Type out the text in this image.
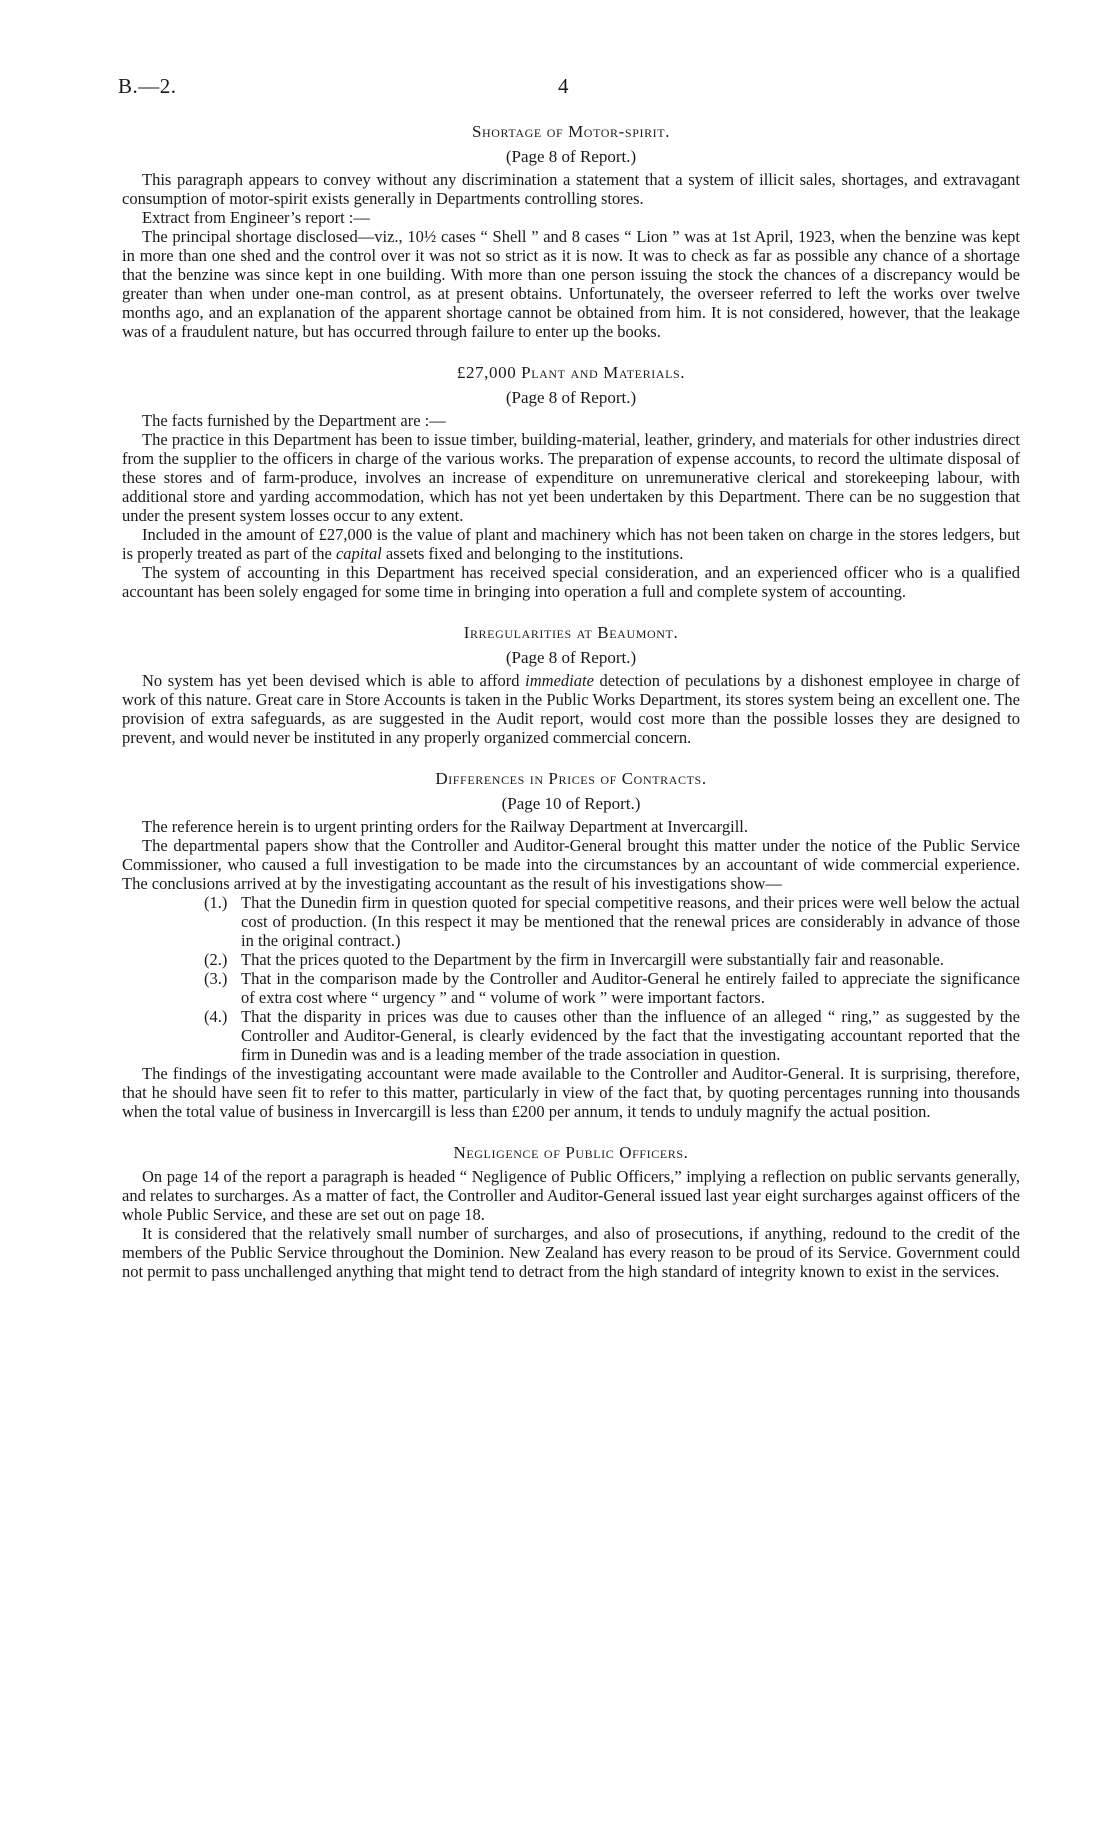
B.—2.	4
Shortage of Motor-spirit.
(Page 8 of Report.)

This paragraph appears to convey without any discrimination a statement that a system of illicit sales, shortages, and extravagant consumption of motor-spirit exists generally in Departments controlling stores.

Extract from Engineer’s report :—

The principal shortage disclosed—viz., 10½ cases “ Shell ” and 8 cases “ Lion ” was at 1st April, 1923, when the benzine was kept in more than one shed and the control over it was not so strict as it is now. It was to check as far as possible any chance of a shortage that the benzine was since kept in one building. With more than one person issuing the stock the chances of a discrepancy would be greater than when under one-man control, as at present obtains. Unfortunately, the overseer referred to left the works over twelve months ago, and an explanation of the apparent shortage cannot be obtained from him. It is not considered, however, that the leakage was of a fraudulent nature, but has occurred through failure to enter up the books.

£27,000 Plant and Materials.
(Page 8 of Report.)

The facts furnished by the Department are :—

The practice in this Department has been to issue timber, building-material, leather, grindery, and materials for other industries direct from the supplier to the officers in charge of the various works. The preparation of expense accounts, to record the ultimate disposal of these stores and of farm-produce, involves an increase of expenditure on unremunerative clerical and storekeeping labour, with additional store and yarding accommodation, which has not yet been undertaken by this Department. There can be no suggestion that under the present system losses occur to any extent.

Included in the amount of £27,000 is the value of plant and machinery which has not been taken on charge in the stores ledgers, but is properly treated as part of the capital assets fixed and belonging to the institutions.

The system of accounting in this Department has received special consideration, and an experienced officer who is a qualified accountant has been solely engaged for some time in bringing into operation a full and complete system of accounting.

Irregularities at Beaumont.
(Page 8 of Report.)

No system has yet been devised which is able to afford immediate detection of peculations by a dishonest employee in charge of work of this nature. Great care in Store Accounts is taken in the Public Works Department, its stores system being an excellent one. The provision of extra safeguards, as are suggested in the Audit report, would cost more than the possible losses they are designed to prevent, and would never be instituted in any properly organized commercial concern.

Differences in Prices of Contracts.
(Page 10 of Report.)

The reference herein is to urgent printing orders for the Railway Department at Invercargill.

The departmental papers show that the Controller and Auditor-General brought this matter under the notice of the Public Service Commissioner, who caused a full investigation to be made into the circumstances by an accountant of wide commercial experience. The conclusions arrived at by the investigating accountant as the result of his investigations show—

(1.) That the Dunedin firm in question quoted for special competitive reasons, and their prices were well below the actual cost of production. (In this respect it may be mentioned that the renewal prices are considerably in advance of those in the original contract.)
(2.) That the prices quoted to the Department by the firm in Invercargill were substantially fair and reasonable.
(3.) That in the comparison made by the Controller and Auditor-General he entirely failed to appreciate the significance of extra cost where “ urgency ” and “ volume of work ” were important factors.
(4.) That the disparity in prices was due to causes other than the influence of an alleged “ ring,” as suggested by the Controller and Auditor-General, is clearly evidenced by the fact that the investigating accountant reported that the firm in Dunedin was and is a leading member of the trade association in question.

The findings of the investigating accountant were made available to the Controller and Auditor-General. It is surprising, therefore, that he should have seen fit to refer to this matter, particularly in view of the fact that, by quoting percentages running into thousands when the total value of business in Invercargill is less than £200 per annum, it tends to unduly magnify the actual position.

Negligence of Public Officers.

On page 14 of the report a paragraph is headed “ Negligence of Public Officers,” implying a reflection on public servants generally, and relates to surcharges. As a matter of fact, the Controller and Auditor-General issued last year eight surcharges against officers of the whole Public Service, and these are set out on page 18.

It is considered that the relatively small number of surcharges, and also of prosecutions, if anything, redound to the credit of the members of the Public Service throughout the Dominion. New Zealand has every reason to be proud of its Service. Government could not permit to pass unchallenged anything that might tend to detract from the high standard of integrity known to exist in the services.
